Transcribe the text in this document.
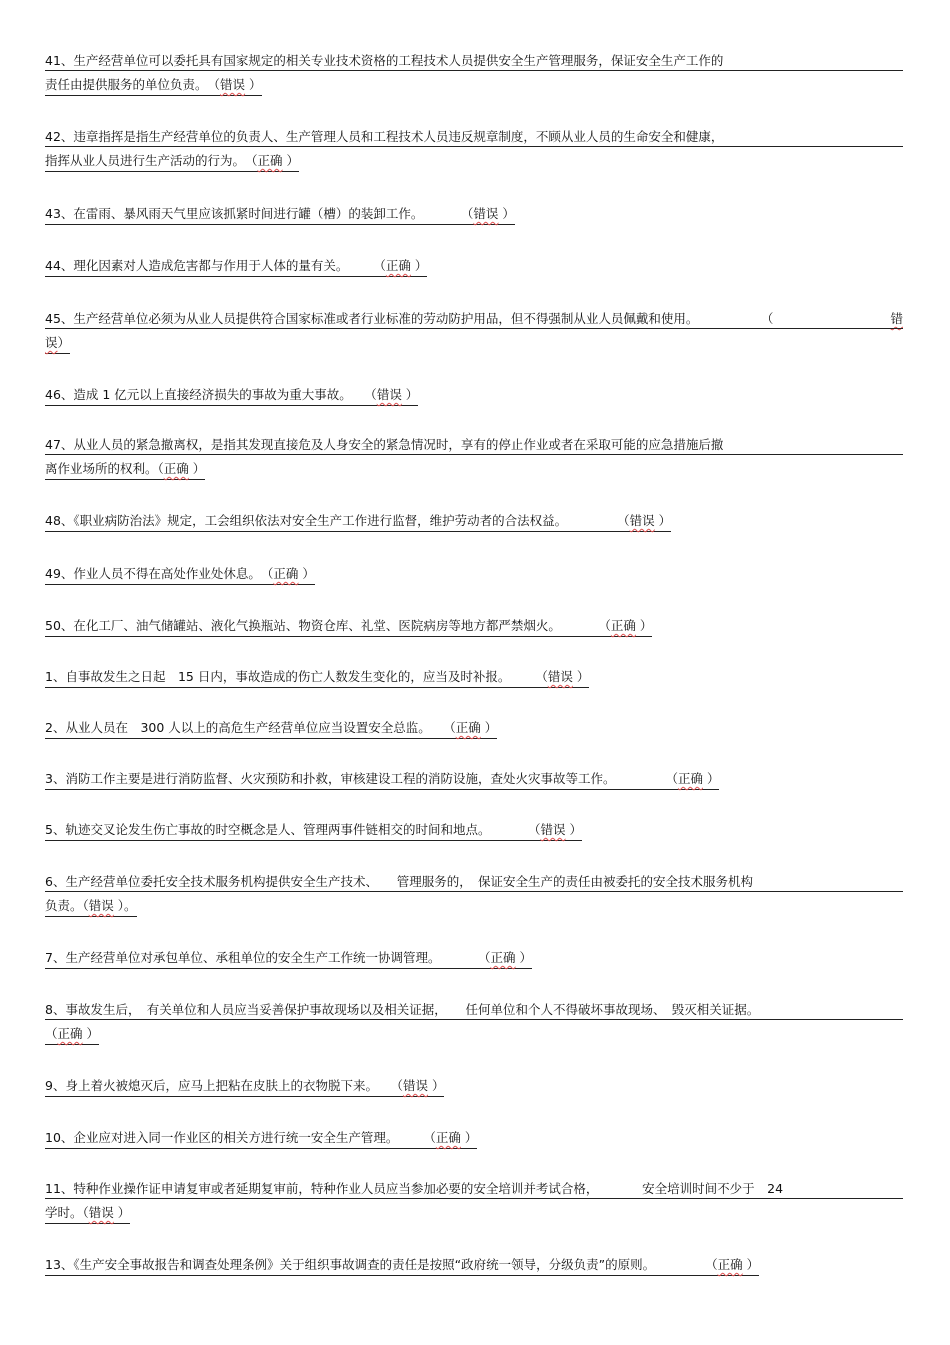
41、生产经营单位可以委托具有国家规定的相关专业技术资格的工程技术人员提供安全生产管理服务，保证安全生产工作的
责任由提供服务的单位负责。　（错误 ）
42、违章指挥是指生产经营单位的负责人、生产管理人员和工程技术人员违反规章制度，不顾从业人员的生命安全和健康，
指挥从业人员进行生产活动的行为。　（正确 ）
43、在雷雨、暴风雨天气里应该抓紧时间进行罐（槽）的装卸工作。　　　　（错误 ）
44、理化因素对人造成危害都与作用于人体的量有关。　　　（正确 ）
45、生产经营单位必须为从业人员提供符合国家标准或者行业标准的劳动防护用品，但不得强制从业人员佩戴和使用。　　　　　　（	错
误）
46、造成 1 亿元以上直接经济损失的事故为重大事故。　　（错误 ）
47、从业人员的紧急撤离权，是指其发现直接危及人身安全的紧急情况时，享有的停止作业或者在采取可能的应急措施后撤
离作业场所的权利。（正确 ）
48、《职业病防治法》规定，工会组织依法对安全生产工作进行监督，维护劳动者的合法权益。　　　　　（错误 ）
49、作业人员不得在高处作业处休息。　（正确 ）
50、在化工厂、油气储罐站、液化气换瓶站、物资仓库、礼堂、医院病房等地方都严禁烟火。　　　　（正确 ）
1、自事故发生之日起　15 日内，事故造成的伤亡人数发生变化的，应当及时补报。　　　（错误 ）
2、从业人员在　300 人以上的高危生产经营单位应当设置安全总监。　　（正确 ）
3、消防工作主要是进行消防监督、火灾预防和扑救，审核建设工程的消防设施，查处火灾事故等工作。　　　　　（正确 ）
5、轨迹交叉论发生伤亡事故的时空概念是人、管理两事件链相交的时间和地点。　　　　（错误 ）
6、生产经营单位委托安全技术服务机构提供安全生产技术、　　管理服务的，　保证安全生产的责任由被委托的安全技术服务机构
负责。（错误 ）。
7、生产经营单位对承包单位、承租单位的安全生产工作统一协调管理。　　　　（正确 ）
8、事故发生后，　有关单位和人员应当妥善保护事故现场以及相关证据，　　任何单位和个人不得破坏事故现场、　毁灭相关证据。
（正确 ）
9、身上着火被熄灭后，应马上把粘在皮肤上的衣物脱下来。　　（错误 ）
10、企业应对进入同一作业区的相关方进行统一安全生产管理。　　　（正确 ）
11、特种作业操作证申请复审或者延期复审前，特种作业人员应当参加必要的安全培训并考试合格，　　　　安全培训时间不少于　24
学时。（错误 ）
13、《生产安全事故报告和调查处理条例》关于组织事故调查的责任是按照“政府统一领导，分级负责”的原则。　　　　　（正确 ）
